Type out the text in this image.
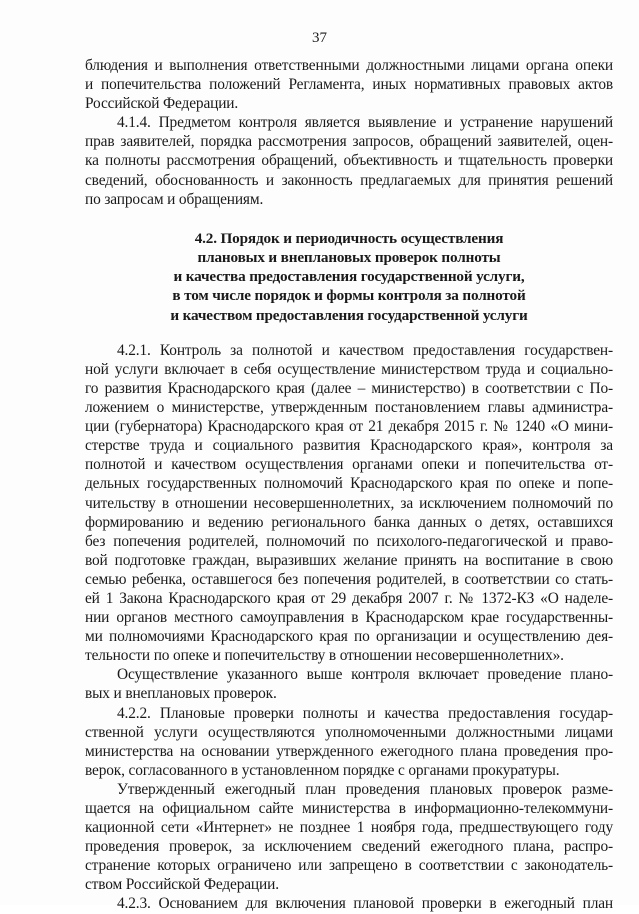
37
блюдения и выполнения ответственными должностными лицами органа опеки
и попечительства положений Регламента, иных нормативных правовых актов
Российской Федерации.
4.1.4. Предметом контроля является выявление и устранение нарушений
прав заявителей, порядка рассмотрения запросов, обращений заявителей, оцен-
ка полноты рассмотрения обращений, объективность и тщательность проверки
сведений, обоснованность и законность предлагаемых для принятия решений
по запросам и обращениям.
4.2. Порядок и периодичность осуществления
плановых и внеплановых проверок полноты
и качества предоставления государственной услуги,
в том числе порядок и формы контроля за полнотой
и качеством предоставления государственной услуги
4.2.1. Контроль за полнотой и качеством предоставления государствен-
ной услуги включает в себя осуществление министерством труда и социально-
го развития Краснодарского края (далее – министерство) в соответствии с По-
ложением о министерстве, утвержденным постановлением главы администра-
ции (губернатора) Краснодарского края от 21 декабря 2015 г. № 1240 «О мини-
стерстве труда и социального развития Краснодарского края», контроля за
полнотой и качеством осуществления органами опеки и попечительства от-
дельных государственных полномочий Краснодарского края по опеке и попе-
чительству в отношении несовершеннолетних, за исключением полномочий по
формированию и ведению регионального банка данных о детях, оставшихся
без попечения родителей, полномочий по психолого-педагогической и право-
вой подготовке граждан, выразивших желание принять на воспитание в свою
семью ребенка, оставшегося без попечения родителей, в соответствии со стать-
ей 1 Закона Краснодарского края от 29 декабря 2007 г. № 1372-КЗ «О наделе-
нии органов местного самоуправления в Краснодарском крае государственны-
ми полномочиями Краснодарского края по организации и осуществлению дея-
тельности по опеке и попечительству в отношении несовершеннолетних».
Осуществление указанного выше контроля включает проведение плано-
вых и внеплановых проверок.
4.2.2. Плановые проверки полноты и качества предоставления государ-
ственной услуги осуществляются уполномоченными должностными лицами
министерства на основании утвержденного ежегодного плана проведения про-
верок, согласованного в установленном порядке с органами прокуратуры.
Утвержденный ежегодный план проведения плановых проверок разме-
щается на официальном сайте министерства в информационно-телекоммуни-
кационной сети «Интернет» не позднее 1 ноября года, предшествующего году
проведения проверок, за исключением сведений ежегодного плана, распро-
странение которых ограничено или запрещено в соответствии с законодатель-
ством Российской Федерации.
4.2.3. Основанием для включения плановой проверки в ежегодный план
